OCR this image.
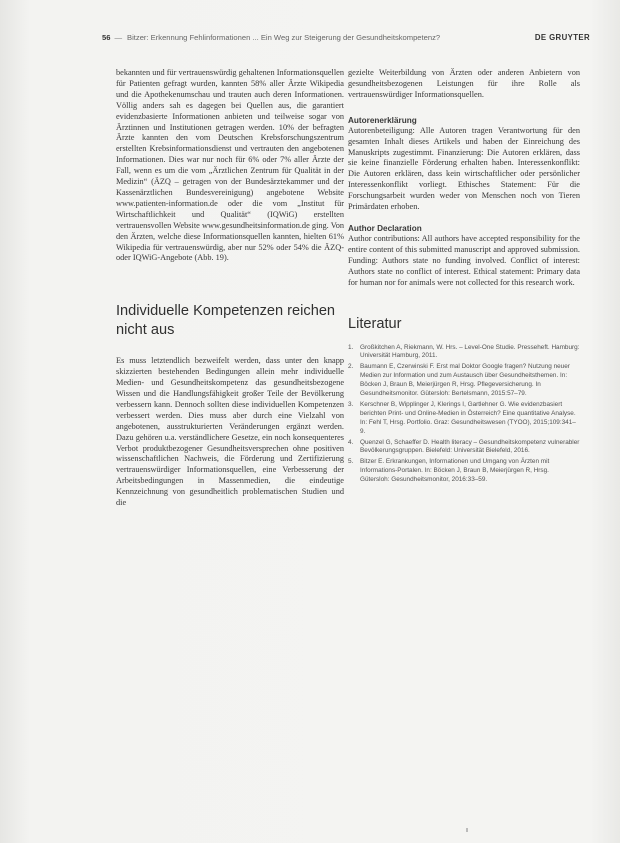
56 — Bitzer: Erkennung Fehlinformationen ... Ein Weg zur Steigerung der Gesundheitskompetenz?	DE GRUYTER

bekannten und für vertrauenswürdig gehaltenen Informationsquellen für Patienten gefragt wurden, kannten 58% aller Ärzte Wikipedia und die Apothekenumschau und trauten auch deren Informationen. Völlig anders sah es dagegen bei Quellen aus, die garantiert evidenzbasierte Informationen anbieten und teilweise sogar von Ärztinnen und Institutionen getragen werden. 10% der befragten Ärzte kannten den vom Deutschen Krebsforschungszentrum erstellten Krebsinformationsdienst und vertrauten den angebotenen Informationen. Dies war nur noch für 6% oder 7% aller Ärzte der Fall, wenn es um die vom „Ärztlichen Zentrum für Qualität in der Medizin“ (ÄZQ – getragen von der Bundesärztekammer und der Kassenärztlichen Bundesvereinigung) angebotene Website www.patienten-information.de oder die vom „Institut für Wirtschaftlichkeit und Qualität“ (IQWiG) erstellten vertrauensvollen Website www.gesundheitsinformation.de ging. Von den Ärzten, welche diese Informationsquellen kannten, hielten 61% Wikipedia für vertrauenswürdig, aber nur 52% oder 54% die ÄZQ- oder IQWiG-Angebote (Abb. 19).

Individuelle Kompetenzen reichen nicht aus

Es muss letztendlich bezweifelt werden, dass unter den knapp skizzierten bestehenden Bedingungen allein mehr individuelle Medien- und Gesundheitskompetenz das gesundheitsbezogene Wissen und die Handlungsfähigkeit großer Teile der Bevölkerung verbessern kann. Dennoch sollten diese individuellen Kompetenzen verbessert werden. Dies muss aber durch eine Vielzahl von angebotenen, ausstrukturierten Veränderungen ergänzt werden. Dazu gehören u.a. verständlichere Gesetze, ein noch konsequenteres Verbot produktbezogener Gesundheitsversprechen ohne positiven wissenschaftlichen Nachweis, die Förderung und Zertifizierung vertrauenswürdiger Informationsquellen, eine Verbesserung der Arbeitsbedingungen in Massenmedien, die eindeutige Kennzeichnung von gesundheitlich problematischen Studien und die

gezielte Weiterbildung von Ärzten oder anderen Anbietern von gesundheitsbezogenen Leistungen für ihre Rolle als vertrauenswürdiger Informationsquellen.

Autorenerklärung

Autorenbeteiligung: Alle Autoren tragen Verantwortung für den gesamten Inhalt dieses Artikels und haben der Einreichung des Manuskripts zugestimmt. Finanzierung: Die Autoren erklären, dass sie keine finanzielle Förderung erhalten haben. Interessenkonflikt: Die Autoren erklären, dass kein wirtschaftlicher oder persönlicher Interessenkonflikt vorliegt. Ethisches Statement: Für die Forschungsarbeit wurden weder von Menschen noch von Tieren Primärdaten erhoben.

Author Declaration

Author contributions: All authors have accepted responsibility for the entire content of this submitted manuscript and approved submission. Funding: Authors state no funding involved. Conflict of interest: Authors state no conflict of interest. Ethical statement: Primary data for human nor for animals were not collected for this research work.

Literatur
1.	Großkitchen A, Riekmann, W. Hrs. – Level-One Studie. Presseheft. Hamburg: Universität Hamburg, 2011.
2.	Baumann E, Czerwinski F. Erst mal Doktor Google fragen? Nutzung neuer Medien zur Information und zum Austausch über Gesundheitsthemen. In: Böcken J, Braun B, Meierjürgen R, Hrsg. Pflegeversicherung. In Gesundheitsmonitor. Gütersloh: Bertelsmann, 2015:57–79.
3.	Kerschner B, Wipplinger J, Klerings I, Gartlehner G. Wie evidenzbasiert berichten Print- und Online-Medien in Österreich? Eine quantitative Analyse. In: Fehl T, Hrsg. Portfolio. Graz: Gesundheitswesen (TYOO), 2015;109:341–9.
4.	Quenzel G, Schaeffer D. Health literacy – Gesundheitskompetenz vulnerabler Bevölkerungsgruppen. Bielefeld: Universität Bielefeld, 2016.
5.	Bitzer E. Erkrankungen, Informationen und Umgang von Ärzten mit Informations-Portalen. In: Böcken J, Braun B, Meierjürgen R, Hrsg. Gütersloh: Gesundheitsmonitor, 2016:33–59.
